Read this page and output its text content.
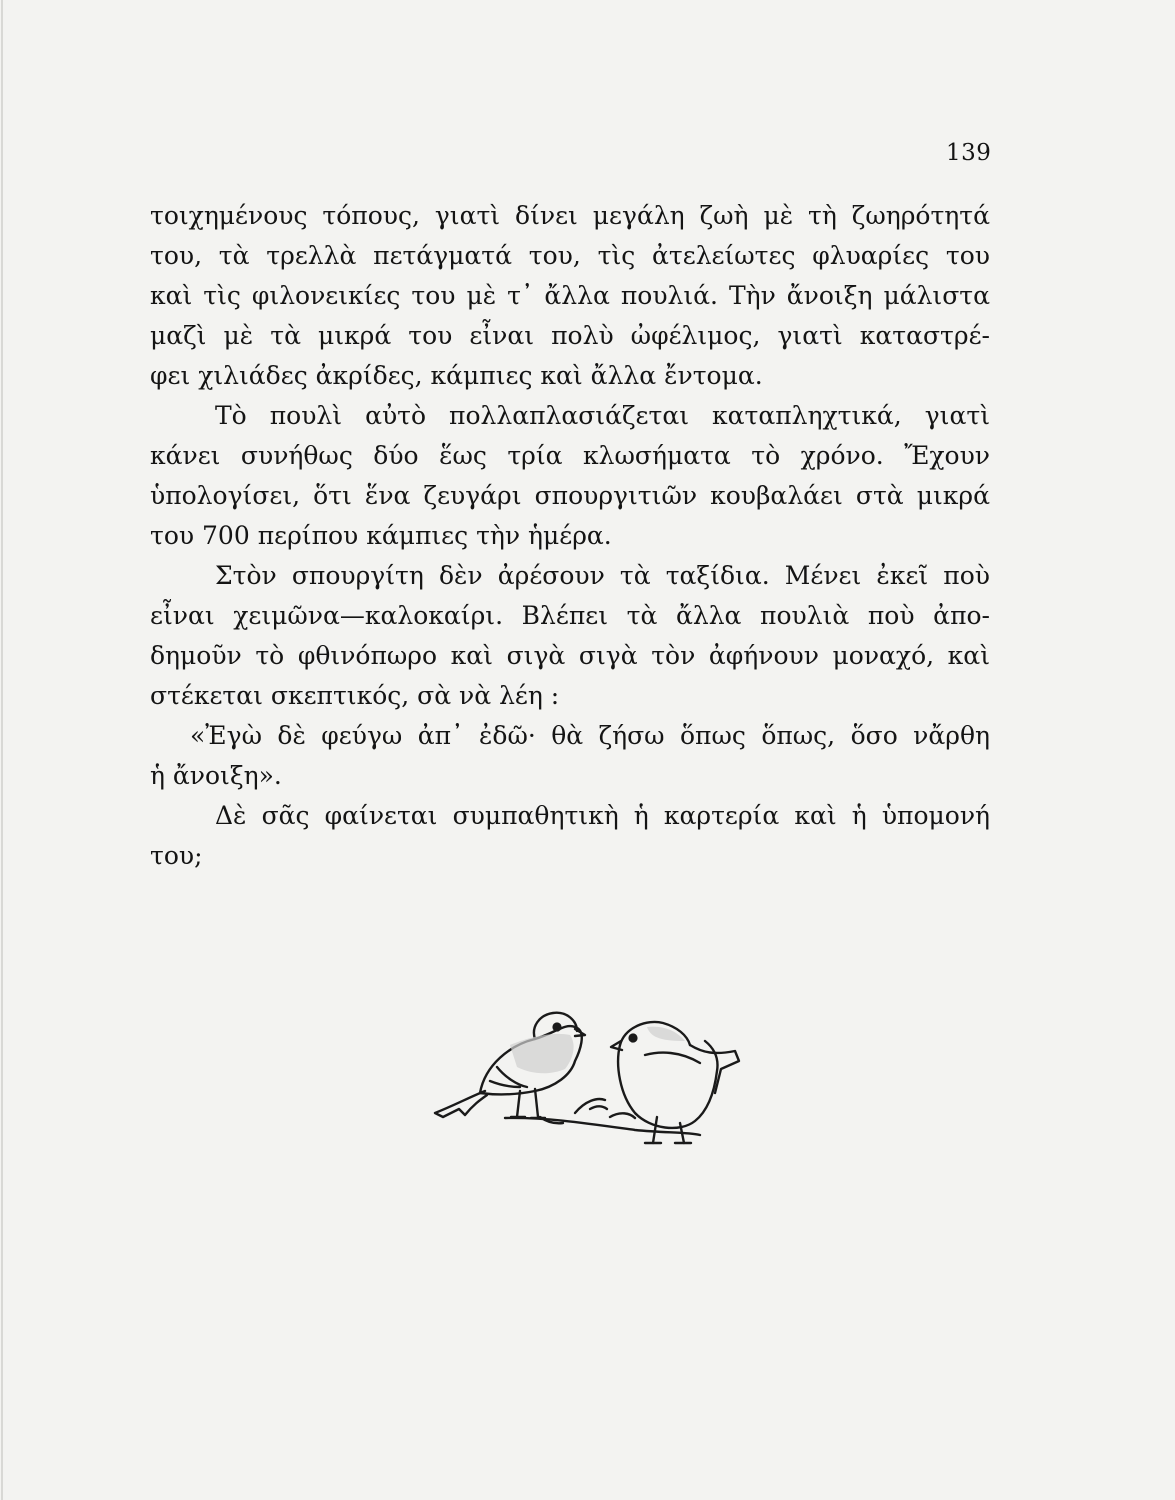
139
τοιχημένους τόπους, γιατὶ δίνει μεγάλη ζωὴ μὲ τὴ ζωηρότητά
του, τὰ τρελλὰ πετάγματά του, τὶς ἀτελείωτες φλυαρίες του
καὶ τὶς φιλονεικίες του μὲ τ᾿ ἄλλα πουλιά. Τὴν ἄνοιξη μάλιστα
μαζὶ μὲ τὰ μικρά του εἶναι πολὺ ὠφέλιμος, γιατὶ καταστρέ-
φει χιλιάδες ἀκρίδες, κάμπιες καὶ ἄλλα ἔντομα.
Τὸ πουλὶ αὐτὸ πολλαπλασιάζεται καταπληχτικά, γιατὶ
κάνει συνήθως δύο ἕως τρία κλωσήματα τὸ χρόνο. Ἔχουν
ὑπολογίσει, ὅτι ἕνα ζευγάρι σπουργιτιῶν κουβαλάει στὰ μικρά
του 700 περίπου κάμπιες τὴν ἡμέρα.
Στὸν σπουργίτη δὲν ἀρέσουν τὰ ταξίδια. Μένει ἐκεῖ ποὺ
εἶναι χειμῶνα—καλοκαίρι. Βλέπει τὰ ἄλλα πουλιὰ ποὺ ἀπο-
δημοῦν τὸ φθινόπωρο καὶ σιγὰ σιγὰ τὸν ἀφήνουν μοναχό, καὶ
στέκεται σκεπτικός, σὰ νὰ λέη :
«Ἐγὼ δὲ φεύγω ἀπ᾿ ἐδῶ· θὰ ζήσω ὅπως ὅπως, ὅσο νἄρθη
ἡ ἄνοιξη».
Δὲ σᾶς φαίνεται συμπαθητικὴ ἡ καρτερία καὶ ἡ ὑπομονή
του;
